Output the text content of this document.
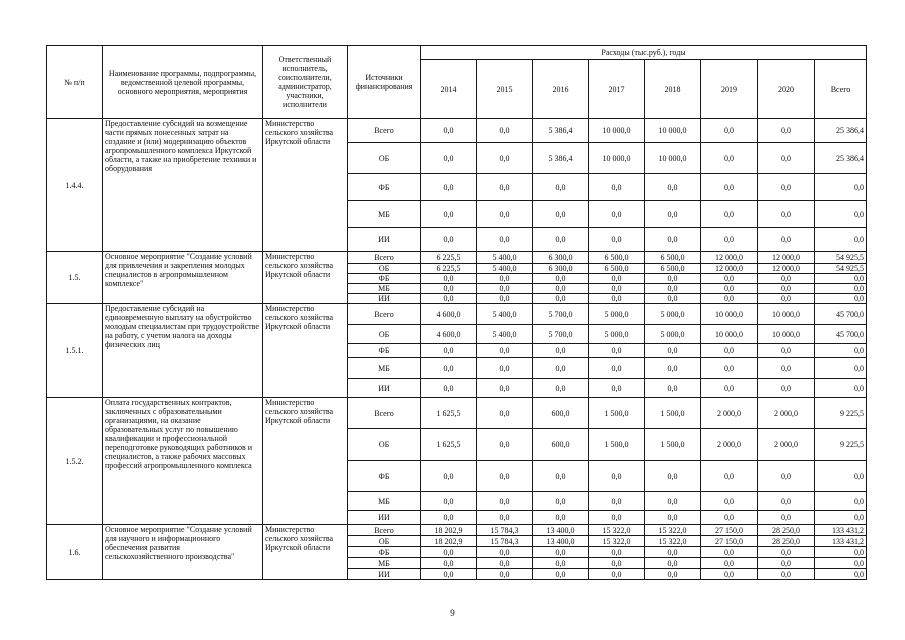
№ п/п	Наименование программы, подпрограммы, ведомственной целевой программы, основного мероприятия, мероприятия	Ответственный исполнитель, соисполнители, администратор, участники, исполнители	Источники финансирования	Расходы (тыс.руб.), годы							
				2014	2015	2016	2017	2018	2019	2020	Всего
1.4.4.	Предоставление субсидий на возмещение части прямых понесенных затрат на создание и (или) модернизацию объектов агропромышленного комплекса Иркутской области, а также на приобретение техники и оборудования	Министерство сельского хозяйства Иркутской области	Всего	0,0	0,0	5 386,4	10 000,0	10 000,0	0,0	0,0	25 386,4
			ОБ	0,0	0,0	5 386,4	10 000,0	10 000,0	0,0	0,0	25 386,4
			ФБ	0,0	0,0	0,0	0,0	0,0	0,0	0,0	0,0
			МБ	0,0	0,0	0,0	0,0	0,0	0,0	0,0	0,0
			ИИ	0,0	0,0	0,0	0,0	0,0	0,0	0,0	0,0
1.5.	Основное мероприятие "Создание условий для привлечения и закрепления молодых специалистов в агропромышленном комплексе"	Министерство сельского хозяйства Иркутской области	Всего	6 225,5	5 400,0	6 300,0	6 500,0	6 500,0	12 000,0	12 000,0	54 925,5
			ОБ	6 225,5	5 400,0	6 300,0	6 500,0	6 500,0	12 000,0	12 000,0	54 925,5
			ФБ	0,0	0,0	0,0	0,0	0,0	0,0	0,0	0,0
			МБ	0,0	0,0	0,0	0,0	0,0	0,0	0,0	0,0
			ИИ	0,0	0,0	0,0	0,0	0,0	0,0	0,0	0,0
1.5.1.	Предоставление субсидий на единовременную выплату на обустройство молодым специалистам при трудоустройстве на работу, с учетом налога на доходы физических лиц	Министерство сельского хозяйства Иркутской области	Всего	4 600,0	5 400,0	5 700,0	5 000,0	5 000,0	10 000,0	10 000,0	45 700,0
			ОБ	4 600,0	5 400,0	5 700,0	5 000,0	5 000,0	10 000,0	10 000,0	45 700,0
			ФБ	0,0	0,0	0,0	0,0	0,0	0,0	0,0	0,0
			МБ	0,0	0,0	0,0	0,0	0,0	0,0	0,0	0,0
			ИИ	0,0	0,0	0,0	0,0	0,0	0,0	0,0	0,0
1.5.2.	Оплата государственных контрактов, заключенных с образовательными организациями, на оказание образовательных услуг по повышению квалификации и профессиональной переподготовке руководящих работников и специалистов, а также рабочих массовых профессий агропромышленного комплекса	Министерство сельского хозяйства Иркутской области	Всего	1 625,5	0,0	600,0	1 500,0	1 500,0	2 000,0	2 000,0	9 225,5
			ОБ	1 625,5	0,0	600,0	1 500,0	1 500,0	2 000,0	2 000,0	9 225,5
			ФБ	0,0	0,0	0,0	0,0	0,0	0,0	0,0	0,0
			МБ	0,0	0,0	0,0	0,0	0,0	0,0	0,0	0,0
			ИИ	0,0	0,0	0,0	0,0	0,0	0,0	0,0	0,0
1.6.	Основное мероприятие "Создание условий для научного и информационного обеспечения развития сельскохозяйственного производства"	Министерство сельского хозяйства Иркутской области	Всего	18 202,9	15 784,3	13 400,0	15 322,0	15 322,0	27 150,0	28 250,0	133 431,2
			ОБ	18 202,9	15 784,3	13 400,0	15 322,0	15 322,0	27 150,0	28 250,0	133 431,2
			ФБ	0,0	0,0	0,0	0,0	0,0	0,0	0,0	0,0
			МБ	0,0	0,0	0,0	0,0	0,0	0,0	0,0	0,0
			ИИ	0,0	0,0	0,0	0,0	0,0	0,0	0,0	0,0
9
